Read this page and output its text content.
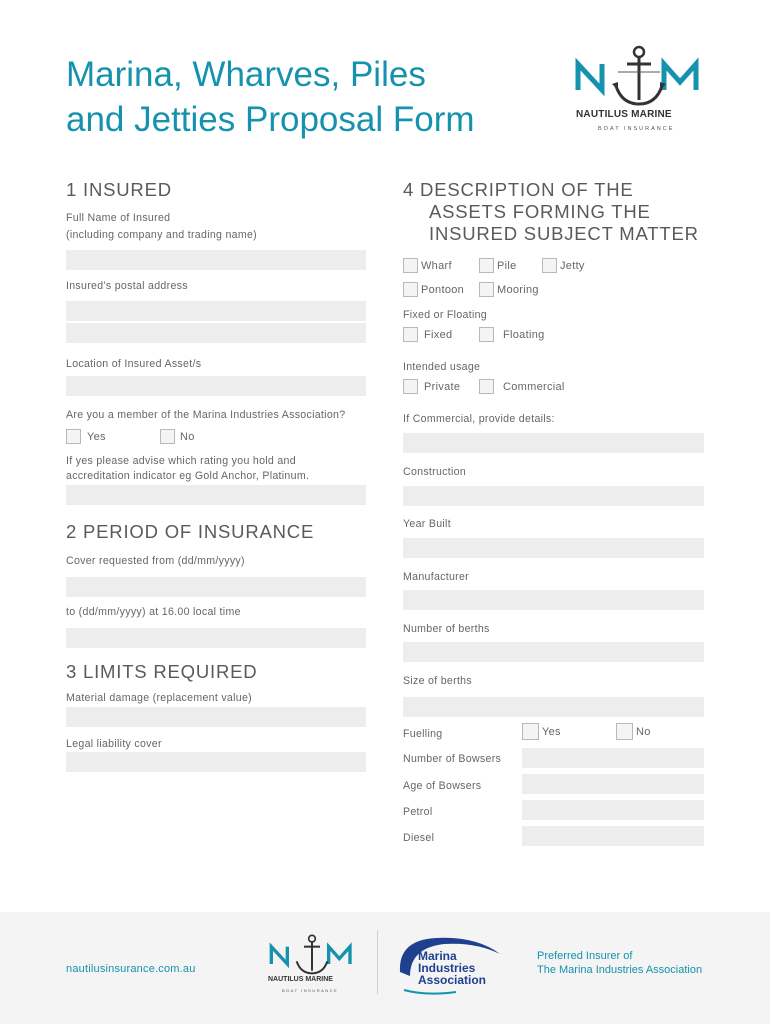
Marina, Wharves, Piles
and Jetties Proposal Form	NAUTILUS MARINE
BOAT INSURANCE
1 INSURED
Full Name of Insured
(including company and trading name)
Insured’s postal address
Location of Insured Asset/s
Are you a member of the Marina Industries Association?
Yes	No
If yes please advise which rating you hold and
accreditation indicator eg Gold Anchor, Platinum.
2 PERIOD OF INSURANCE
Cover requested from (dd/mm/yyyy)
to (dd/mm/yyyy) at 16.00 local time
3 LIMITS REQUIRED
Material damage (replacement value)
Legal liability cover
4 DESCRIPTION OF THE
ASSETS FORMING THE
INSURED SUBJECT MATTER
Wharf	Pile	Jetty
Pontoon	Mooring
Fixed or Floating
Fixed	Floating
Intended usage
Private	Commercial
If Commercial, provide details:
Construction
Year Built
Manufacturer
Number of berths
Size of berths
Fuelling	Yes	No
Number of Bowsers
Age of Bowsers
Petrol
Diesel
nautilusinsurance.com.au
NAUTILUS MARINE
BOAT INSURANCE
Marina
Industries
Association
Preferred Insurer of
The Marina Industries Association
